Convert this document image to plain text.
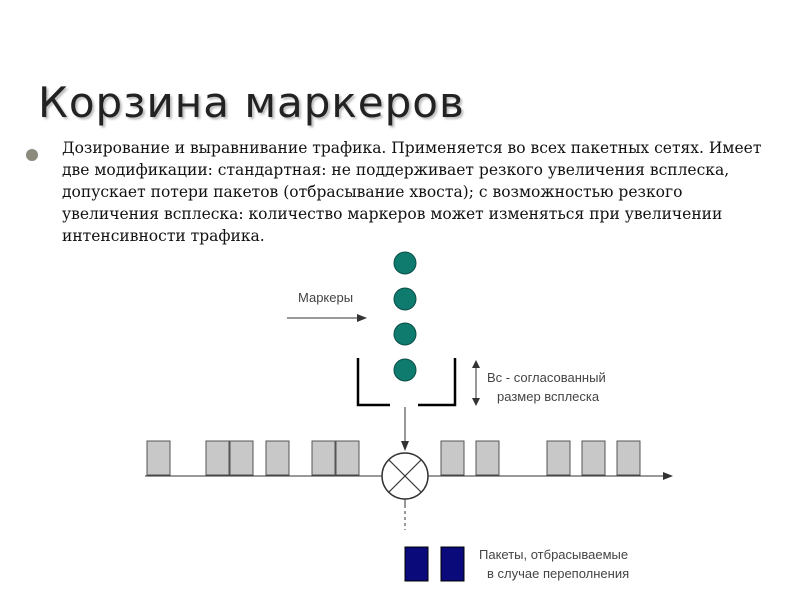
Корзина маркеров
Дозирование и выравнивание трафика. Применяется во всех пакетных сетях. Имеет две модификации: стандартная: не поддерживает резкого увеличения всплеска, допускает потери пакетов (отбрасывание хвоста); с возможностью резкого увеличения всплеска: количество маркеров может изменяться при увеличении интенсивности трафика.
Маркеры
Bc - согласованный
размер всплеска
Пакеты, отбрасываемые
в случае переполнения
